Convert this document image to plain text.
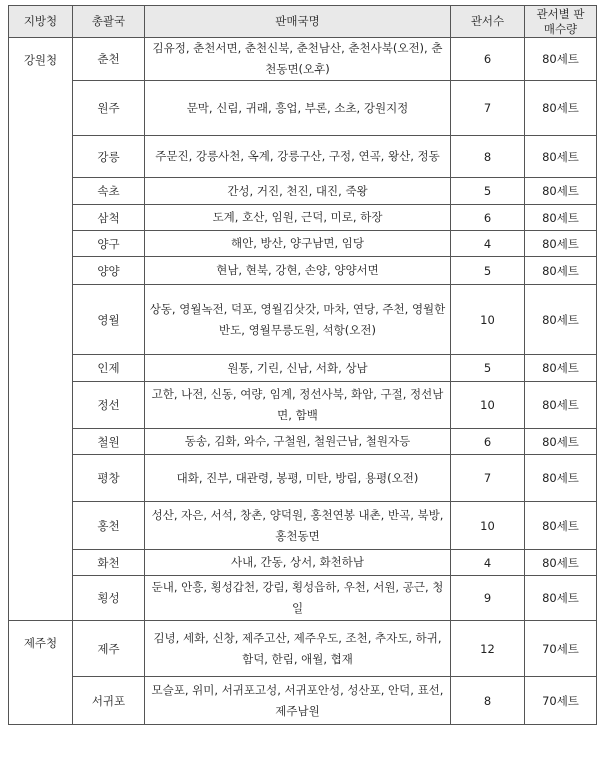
지방청	총괄국	판매국명	관서수	관서별 판매수량
강원청	춘천	김유정, 춘천서면, 춘천신북, 춘천남산, 춘천사북(오전), 춘천동면(오후)	6	80세트
	원주	문막, 신림, 귀래, 흥업, 부론, 소초, 강원지정	7	80세트
	강릉	주문진, 강릉사천, 옥계, 강릉구산, 구정, 연곡, 왕산, 정동	8	80세트
	속초	간성, 거진, 천진, 대진, 죽왕	5	80세트
	삼척	도계, 호산, 임원, 근덕, 미로, 하장	6	80세트
	양구	해안, 방산, 양구남면, 임당	4	80세트
	양양	현남, 현북, 강현, 손양, 양양서면	5	80세트
	영월	상동, 영월녹전, 덕포, 영월김삿갓, 마차, 연당, 주천, 영월한반도, 영월무릉도원, 석항(오전)	10	80세트
	인제	원통, 기린, 신남, 서화, 상남	5	80세트
	정선	고한, 나전, 신동, 여량, 임계, 정선사북, 화암, 구절, 정선남면, 함백	10	80세트
	철원	동송, 김화, 와수, 구철원, 철원근남, 철원자등	6	80세트
	평창	대화, 진부, 대관령, 봉평, 미탄, 방림, 용평(오전)	7	80세트
	홍천	성산, 자은, 서석, 창촌, 양덕원, 홍천연봉 내촌, 반곡, 북방, 홍천동면	10	80세트
	화천	사내, 간동, 상서, 화천하남	4	80세트
	횡성	둔내, 안흥, 횡성갑천, 강림, 횡성읍하, 우천, 서원, 공근, 청일	9	80세트
제주청	제주	김녕, 세화, 신창, 제주고산, 제주우도, 조천, 추자도, 하귀, 함덕, 한림, 애월, 협재	12	70세트
	서귀포	모슬포, 위미, 서귀포고성, 서귀포안성, 성산포, 안덕, 표선, 제주남원	8	70세트
